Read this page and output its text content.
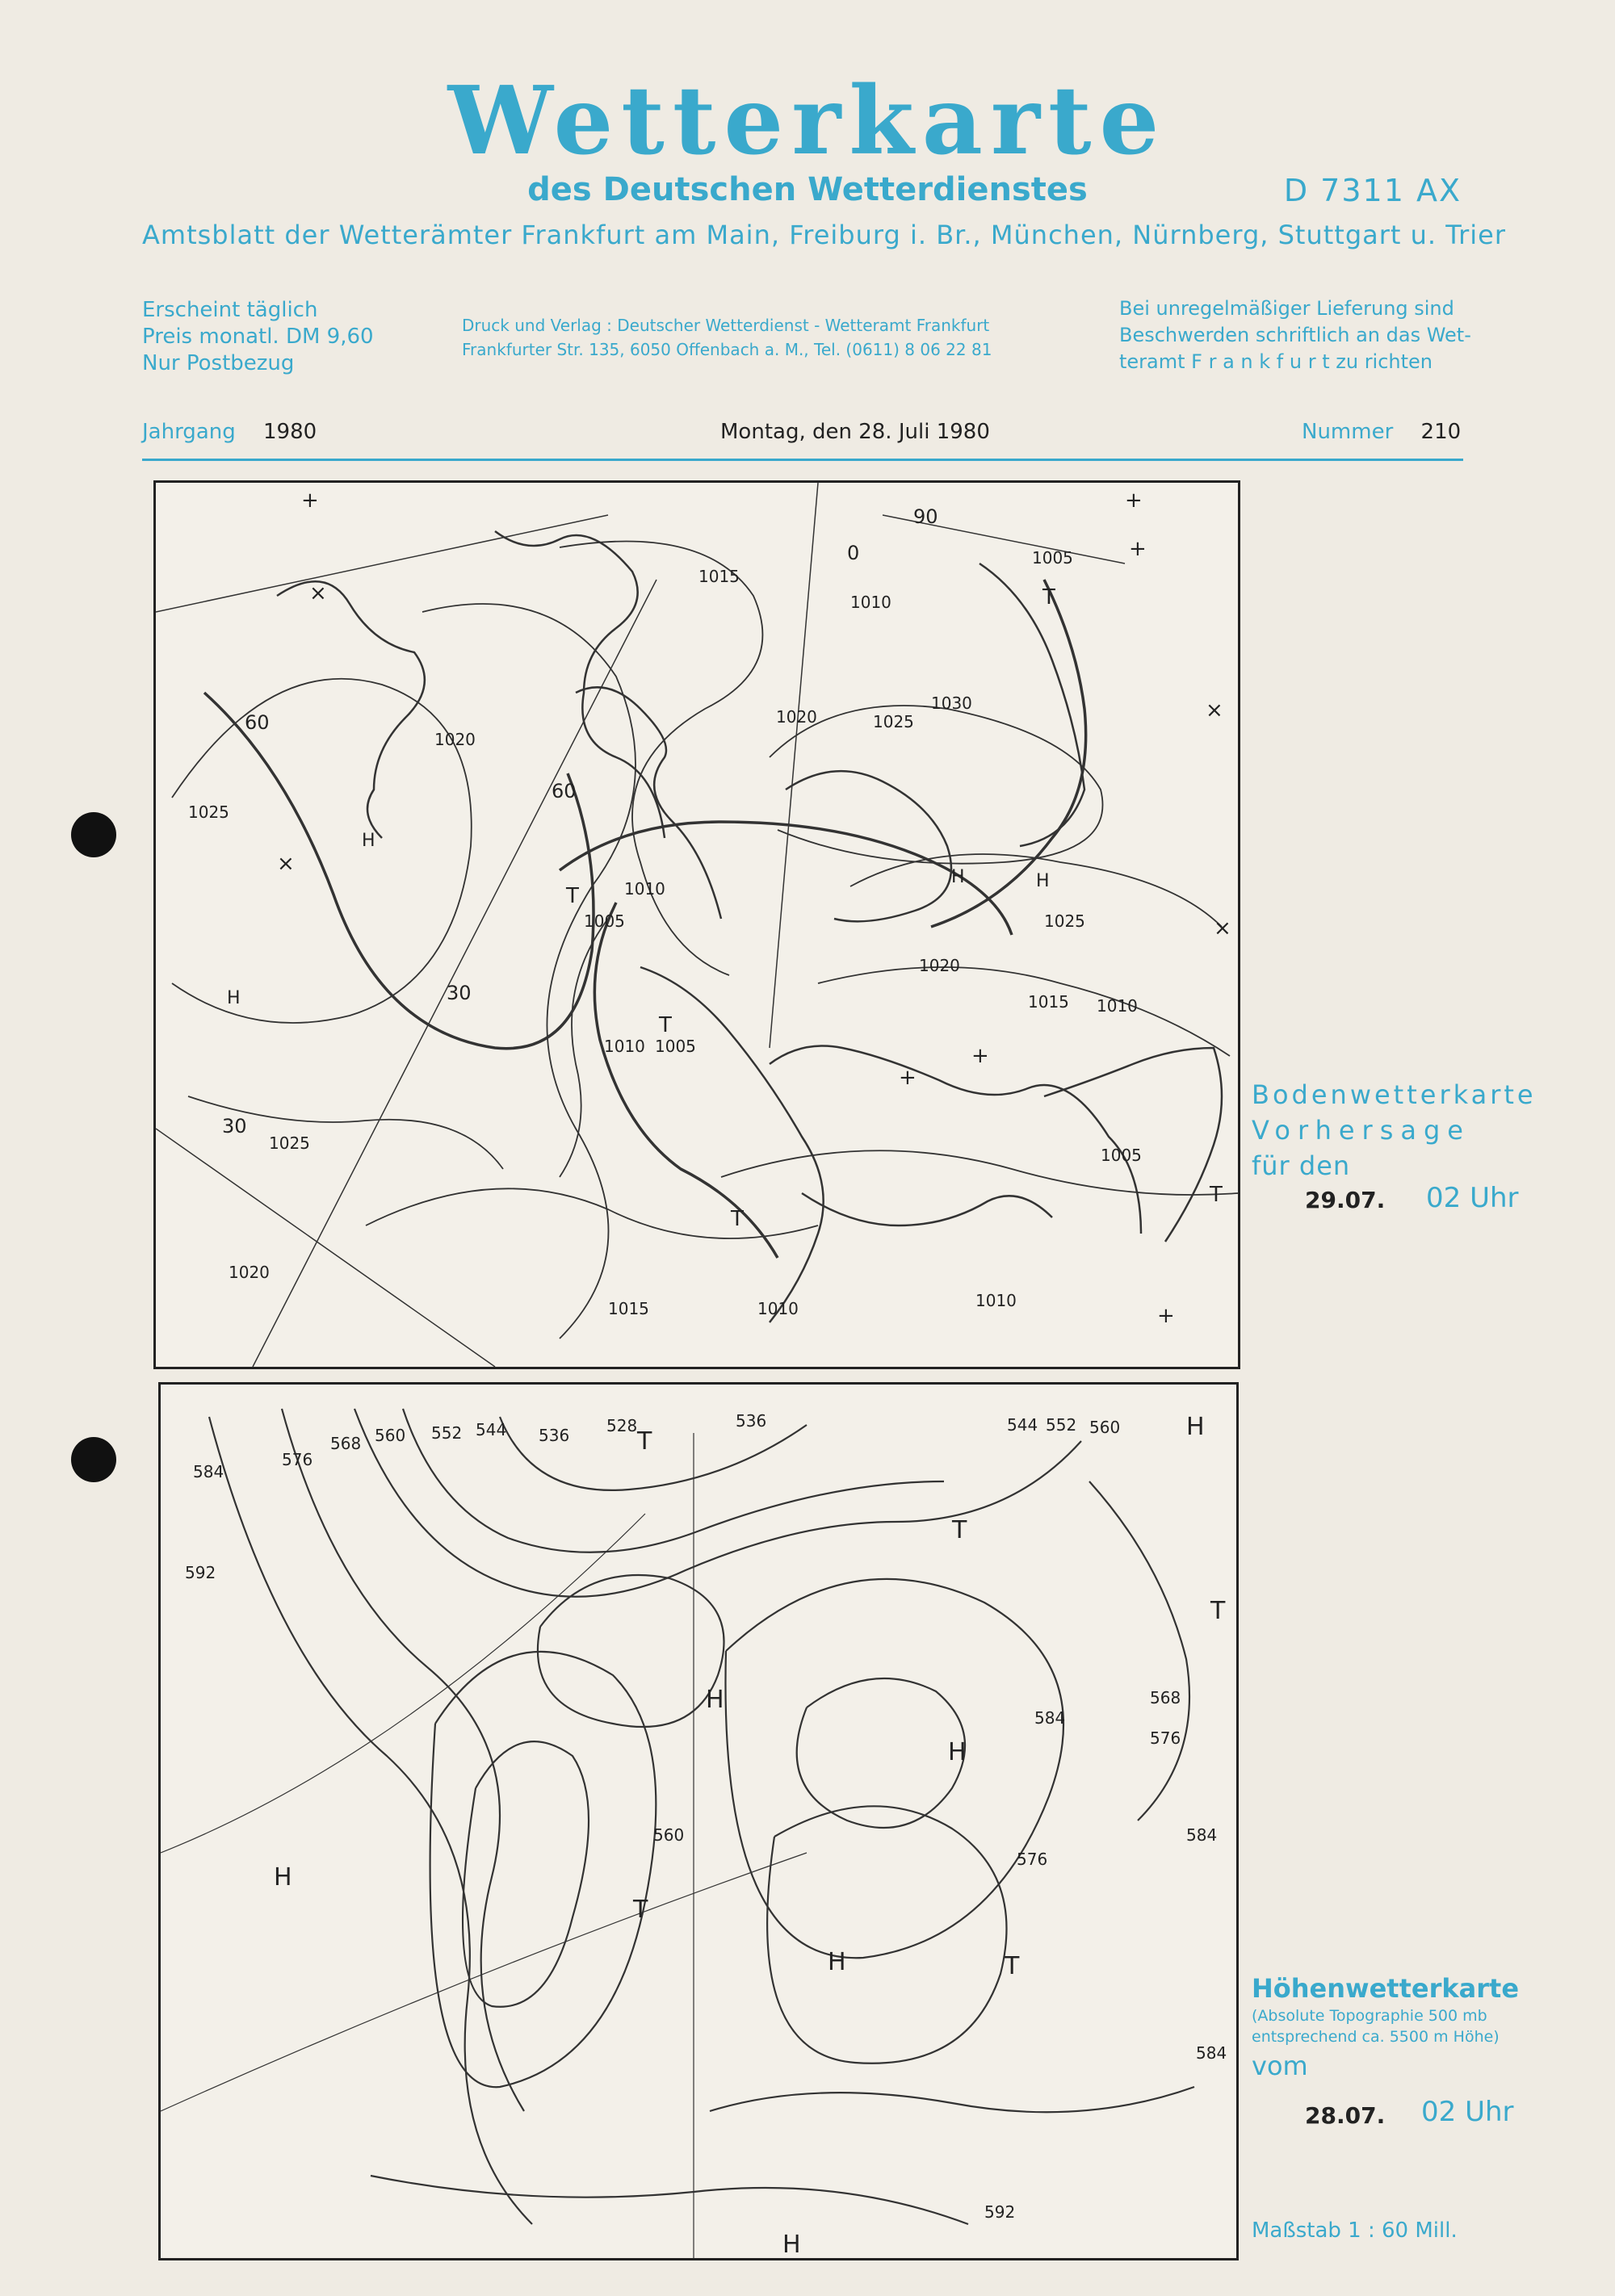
Wetterkarte
des Deutschen Wetterdienstes	D 7311 AX
Amtsblatt der Wetterämter Frankfurt am Main, Freiburg i. Br., München, Nürnberg, Stuttgart u. Trier
Erscheint täglich
Preis monatl. DM 9,60
Nur Postbezug
Druck und Verlag : Deutscher Wetterdienst - Wetteramt Frankfurt
Frankfurter Str. 135, 6050 Offenbach a. M., Tel. (0611) 8 06 22 81
Bei unregelmäßiger Lieferung sind
Beschwerden schriftlich an das Wet-
teramt F r a n k f u r t zu richten
Jahrgang 1980	Montag, den 28. Juli 1980	Nummer 210
1015
1010
1005
1020
1025
1020	1025
1030
1025
1010
1005
1010 1005
1010
1015
1020
1005
1025
1020
1015	1010	1010
60
60
30
30
0
90
H
H
H	H
T
T
T
T
T
+	+
+
+
+
×
×
×
×
+
Bodenwetterkarte
Vorhersage
für den
29.07. 02 Uhr
576
568 560 552 544 536 528	536	544 552 560
584
592
560
584
568
576
584
576
584
592
H
H
H
H
H
H
T
T
T
T
T
Höhenwetterkarte
(Absolute Topographie 500 mb
entsprechend ca. 5500 m Höhe)
vom
28.07. 02 Uhr
Maßstab 1 : 60 Mill.
